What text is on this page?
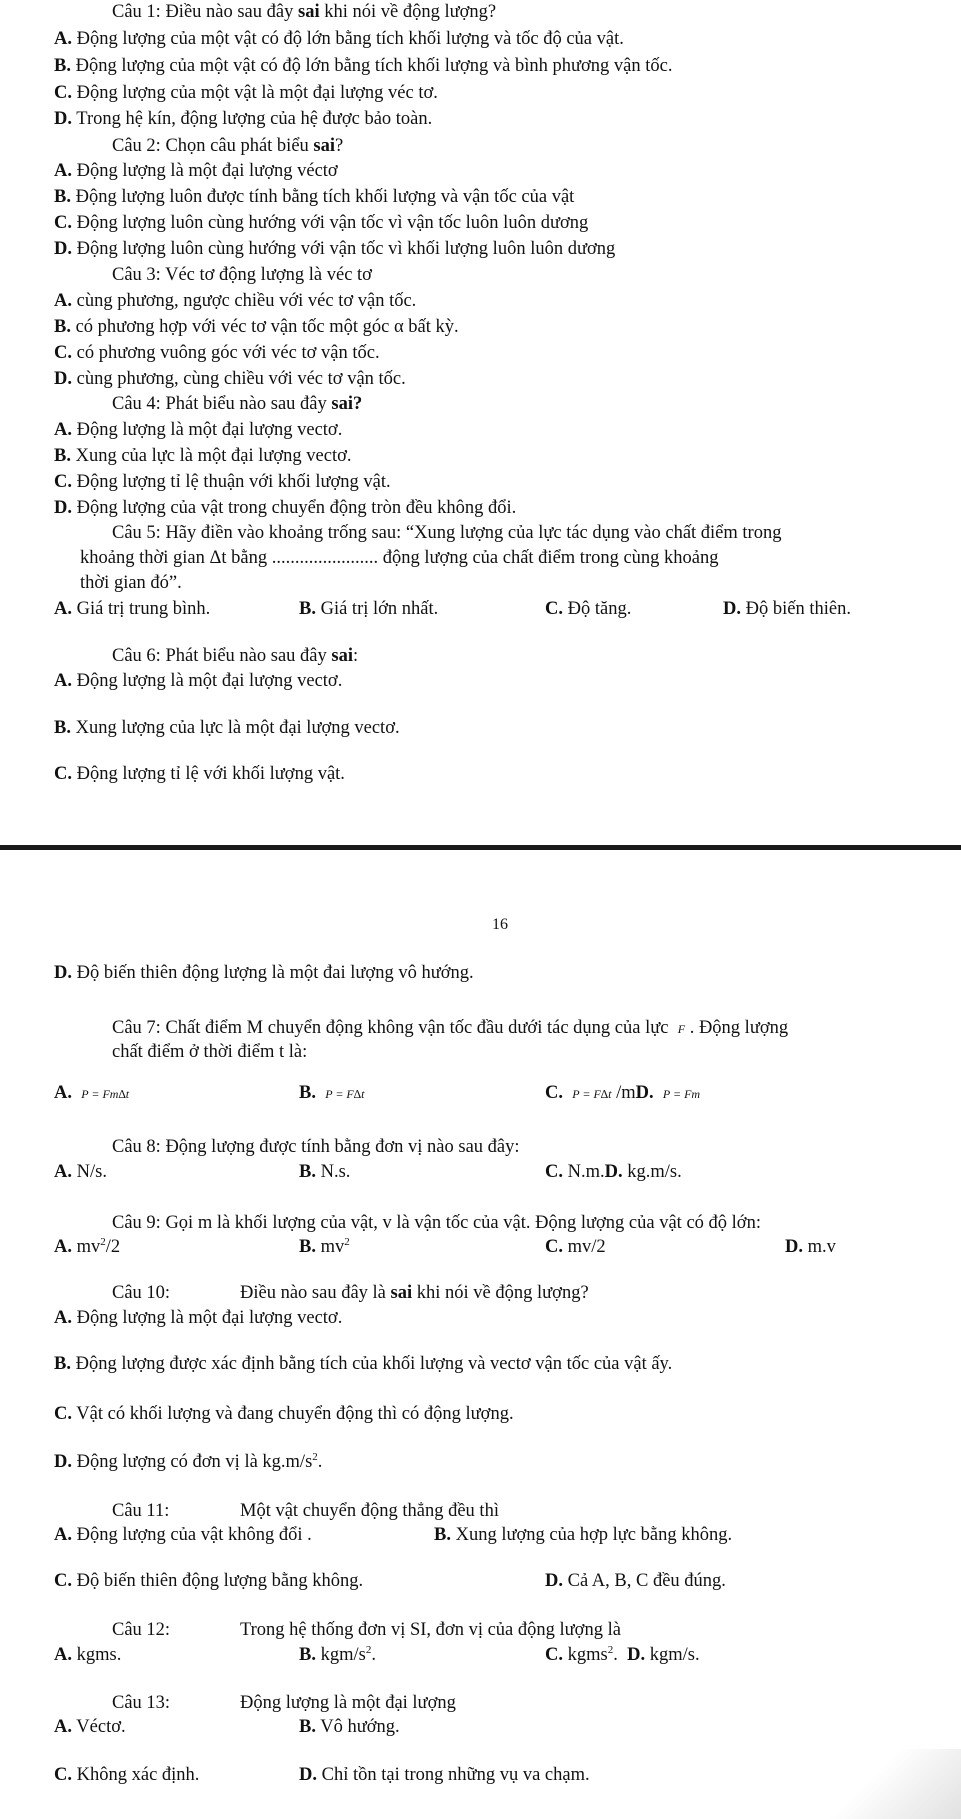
Câu 1: Điều nào sau đây sai khi nói về động lượng?
A. Động lượng của một vật có độ lớn bằng tích khối lượng và tốc độ của vật.
B. Động lượng của một vật có độ lớn bằng tích khối lượng và bình phương vận tốc.
C. Động lượng của một vật là một đại lượng véc tơ.
D. Trong hệ kín, động lượng của hệ được bảo toàn.
Câu 2: Chọn câu phát biểu sai?
A. Động lượng là một đại lượng véctơ
B. Động lượng luôn được tính bằng tích khối lượng và vận tốc của vật
C. Động lượng luôn cùng hướng với vận tốc vì vận tốc luôn luôn dương
D. Động lượng luôn cùng hướng với vận tốc vì khối lượng luôn luôn dương
Câu 3: Véc tơ động lượng là véc tơ
A. cùng phương, ngược chiều với véc tơ vận tốc.
B. có phương hợp với véc tơ vận tốc một góc α bất kỳ.
C. có phương vuông góc với véc tơ vận tốc.
D. cùng phương, cùng chiều với véc tơ vận tốc.
Câu 4: Phát biểu nào sau đây sai?
A. Động lượng là một đại lượng vectơ.
B. Xung của lực là một đại lượng vectơ.
C. Động lượng tỉ lệ thuận với khối lượng vật.
D. Động lượng của vật trong chuyển động tròn đều không đổi.
Câu 5: Hãy điền vào khoảng trống sau: “Xung lượng của lực tác dụng vào chất điểm trong
khoảng thời gian Δt bằng ....................... động lượng của chất điểm trong cùng khoảng
thời gian đó”.
A. Giá trị trung bình.	B. Giá trị lớn nhất.	C. Độ tăng.	D. Độ biến thiên.
Câu 6: Phát biểu nào sau đây sai:
A. Động lượng là một đại lượng vectơ.
B. Xung lượng của lực là một đại lượng vectơ.
C. Động lượng tỉ lệ với khối lượng vật.
16
D. Độ biến thiên động lượng là một đai lượng vô hướng.
Câu 7: Chất điểm M chuyển động không vận tốc đầu dưới tác dụng của lực F . Động lượng
chất điểm ở thời điểm t là:
A. P = Fm∆t	B. P = F∆t	C. P = F∆t /mD. P = Fm
Câu 8: Động lượng được tính bằng đơn vị nào sau đây:
A. N/s.	B. N.s.	C. N.m.D. kg.m/s.
Câu 9: Gọi m là khối lượng của vật, v là vận tốc của vật. Động lượng của vật có độ lớn:
A. $mv^2/2$	B. $mv^2$	C. mv/2	D. m.v
Câu 10:	Điều nào sau đây là sai khi nói về động lượng?
A. Động lượng là một đại lượng vectơ.
B. Động lượng được xác định bằng tích của khối lượng và vectơ vận tốc của vật ấy.
C. Vật có khối lượng và đang chuyển động thì có động lượng.
D. Động lượng có đơn vị là $kg.m/s^2$.
Câu 11:	Một vật chuyển động thẳng đều thì
A. Động lượng của vật không đổi .	B. Xung lượng của hợp lực bằng không.
C. Độ biến thiên động lượng bằng không.	D. Cả A, B, C đều đúng.
Câu 12:	Trong hệ thống đơn vị SI, đơn vị của động lượng là
A. kgms.	B. kgm/$s^2$.	C. kgms$^2$. D. kgm/s.
Câu 13:	Động lượng là một đại lượng
A. Véctơ.	B. Vô hướng.
C. Không xác định.	D. Chỉ tồn tại trong những vụ va chạm.
